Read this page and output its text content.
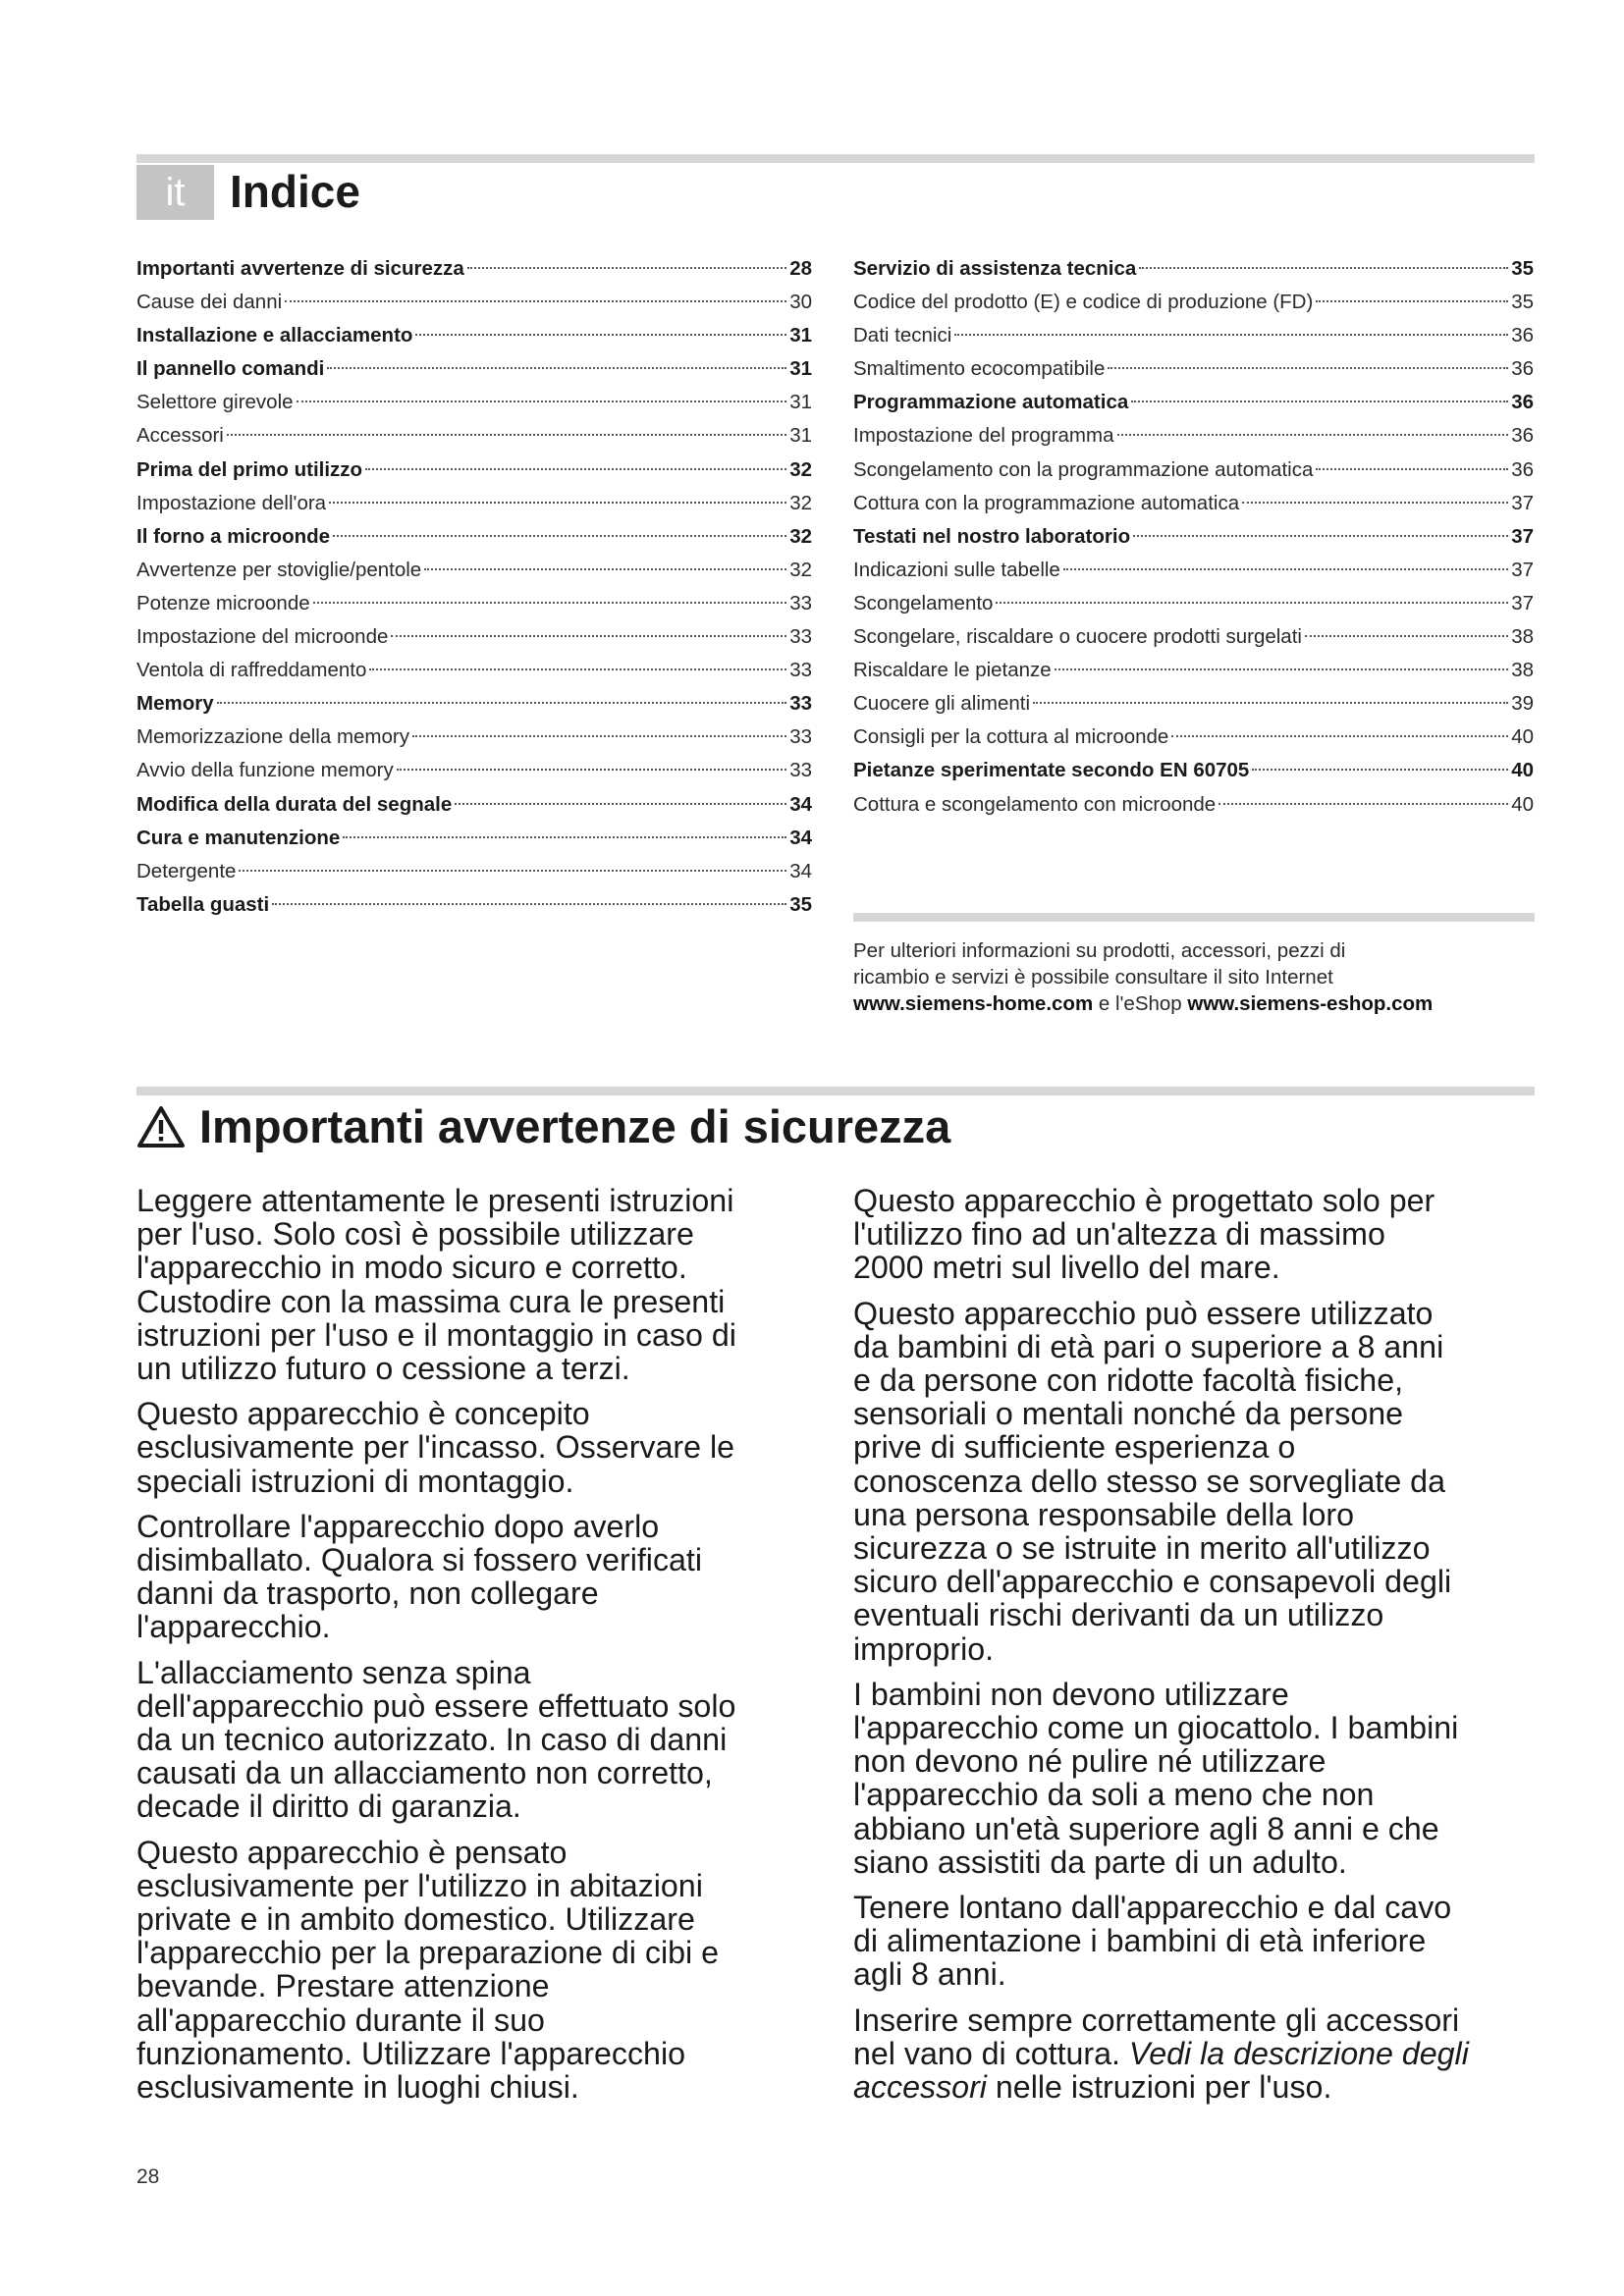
it Indice
Importanti avvertenze di sicurezza	28
Cause dei danni	30
Installazione e allacciamento	31
Il pannello comandi	31
Selettore girevole	31
Accessori	31
Prima del primo utilizzo	32
Impostazione dell'ora	32
Il forno a microonde	32
Avvertenze per stoviglie/pentole	32
Potenze microonde	33
Impostazione del microonde	33
Ventola di raffreddamento	33
Memory	33
Memorizzazione della memory	33
Avvio della funzione memory	33
Modifica della durata del segnale	34
Cura e manutenzione	34
Detergente	34
Tabella guasti	35
Servizio di assistenza tecnica	35
Codice del prodotto (E) e codice di produzione (FD)	35
Dati tecnici	36
Smaltimento ecocompatibile	36
Programmazione automatica	36
Impostazione del programma	36
Scongelamento con la programmazione automatica	36
Cottura con la programmazione automatica	37
Testati nel nostro laboratorio	37
Indicazioni sulle tabelle	37
Scongelamento	37
Scongelare, riscaldare o cuocere prodotti surgelati	38
Riscaldare le pietanze	38
Cuocere gli alimenti	39
Consigli per la cottura al microonde	40
Pietanze sperimentate secondo EN 60705	40
Cottura e scongelamento con microonde	40
Per ulteriori informazioni su prodotti, accessori, pezzi di
ricambio e servizi è possibile consultare il sito Internet
www.siemens-home.com e l'eShop www.siemens-eshop.com
Importanti avvertenze di sicurezza

Leggere attentamente le presenti istruzioni
per l'uso. Solo così è possibile utilizzare
l'apparecchio in modo sicuro e corretto.
Custodire con la massima cura le presenti
istruzioni per l'uso e il montaggio in caso di
un utilizzo futuro o cessione a terzi.

Questo apparecchio è concepito
esclusivamente per l'incasso. Osservare le
speciali istruzioni di montaggio.

Controllare l'apparecchio dopo averlo
disimballato. Qualora si fossero verificati
danni da trasporto, non collegare
l'apparecchio.

L'allacciamento senza spina
dell'apparecchio può essere effettuato solo
da un tecnico autorizzato. In caso di danni
causati da un allacciamento non corretto,
decade il diritto di garanzia.

Questo apparecchio è pensato
esclusivamente per l'utilizzo in abitazioni
private e in ambito domestico. Utilizzare
l'apparecchio per la preparazione di cibi e
bevande. Prestare attenzione
all'apparecchio durante il suo
funzionamento. Utilizzare l'apparecchio
esclusivamente in luoghi chiusi.

Questo apparecchio è progettato solo per
l'utilizzo fino ad un'altezza di massimo
2000 metri sul livello del mare.

Questo apparecchio può essere utilizzato
da bambini di età pari o superiore a 8 anni
e da persone con ridotte facoltà fisiche,
sensoriali o mentali nonché da persone
prive di sufficiente esperienza o
conoscenza dello stesso se sorvegliate da
una persona responsabile della loro
sicurezza o se istruite in merito all'utilizzo
sicuro dell'apparecchio e consapevoli degli
eventuali rischi derivanti da un utilizzo
improprio.

I bambini non devono utilizzare
l'apparecchio come un giocattolo. I bambini
non devono né pulire né utilizzare
l'apparecchio da soli a meno che non
abbiano un'età superiore agli 8 anni e che
siano assistiti da parte di un adulto.

Tenere lontano dall'apparecchio e dal cavo
di alimentazione i bambini di età inferiore
agli 8 anni.

Inserire sempre correttamente gli accessori
nel vano di cottura. Vedi la descrizione degli
accessori nelle istruzioni per l'uso.

28
